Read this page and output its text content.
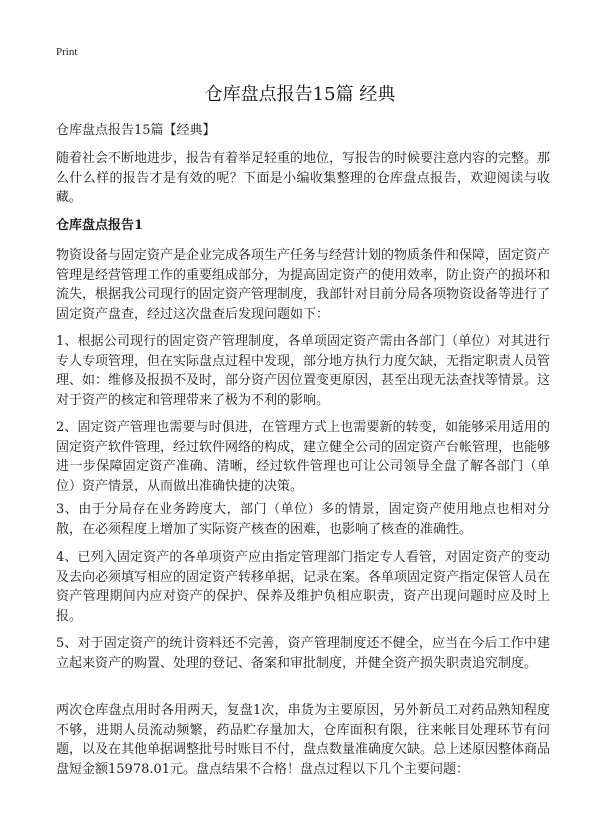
Print
仓库盘点报告15篇 经典

仓库盘点报告15篇【经典】

随着社会不断地进步，报告有着举足轻重的地位，写报告的时候要注意内容的完整。那么什么样的报告才是有效的呢？下面是小编收集整理的仓库盘点报告，欢迎阅读与收藏。

仓库盘点报告1

物资设备与固定资产是企业完成各项生产任务与经营计划的物质条件和保障，固定资产管理是经营管理工作的重要组成部分，为提高固定资产的使用效率，防止资产的损坏和流失，根据我公司现行的固定资产管理制度，我部针对目前分局各项物资设备等进行了固定资产盘查，经过这次盘查后发现问题如下：

1、根据公司现行的固定资产管理制度，各单项固定资产需由各部门（单位）对其进行专人专项管理，但在实际盘点过程中发现，部分地方执行力度欠缺，无指定职责人员管理、如：维修及报损不及时，部分资产因位置变更原因，甚至出现无法查找等情景。这对于资产的核定和管理带来了极为不利的影响。

2、固定资产管理也需要与时俱进，在管理方式上也需要新的转变，如能够采用适用的固定资产软件管理，经过软件网络的构成，建立健全公司的固定资产台帐管理，也能够进一步保障固定资产准确、清晰，经过软件管理也可让公司领导全盘了解各部门（单位）资产情景，从而做出准确快捷的决策。

3、由于分局存在业务跨度大，部门（单位）多的情景，固定资产使用地点也相对分散，在必须程度上增加了实际资产核查的困难，也影响了核查的准确性。

4、已列入固定资产的各单项资产应由指定管理部门指定专人看管，对固定资产的变动及去向必须填写相应的固定资产转移单据，记录在案。各单项固定资产指定保管人员在资产管理期间内应对资产的保护、保养及维护负相应职责，资产出现问题时应及时上报。

5、对于固定资产的统计资料还不完善，资产管理制度还不健全，应当在今后工作中建立起来资产的购置、处理的登记、备案和审批制度，并健全资产损失职责追究制度。

两次仓库盘点用时各用两天，复盘1次，串货为主要原因，另外新员工对药品熟知程度不够，进期人员流动频繁，药品贮存量加大，仓库面积有限，往来帐目处理环节有问题，以及在其他单据调整批号时账目不付，盘点数量准确度欠缺。总上述原因整体商品盘短金额15978.01元。盘点结果不合格！盘点过程以下几个主要问题：
